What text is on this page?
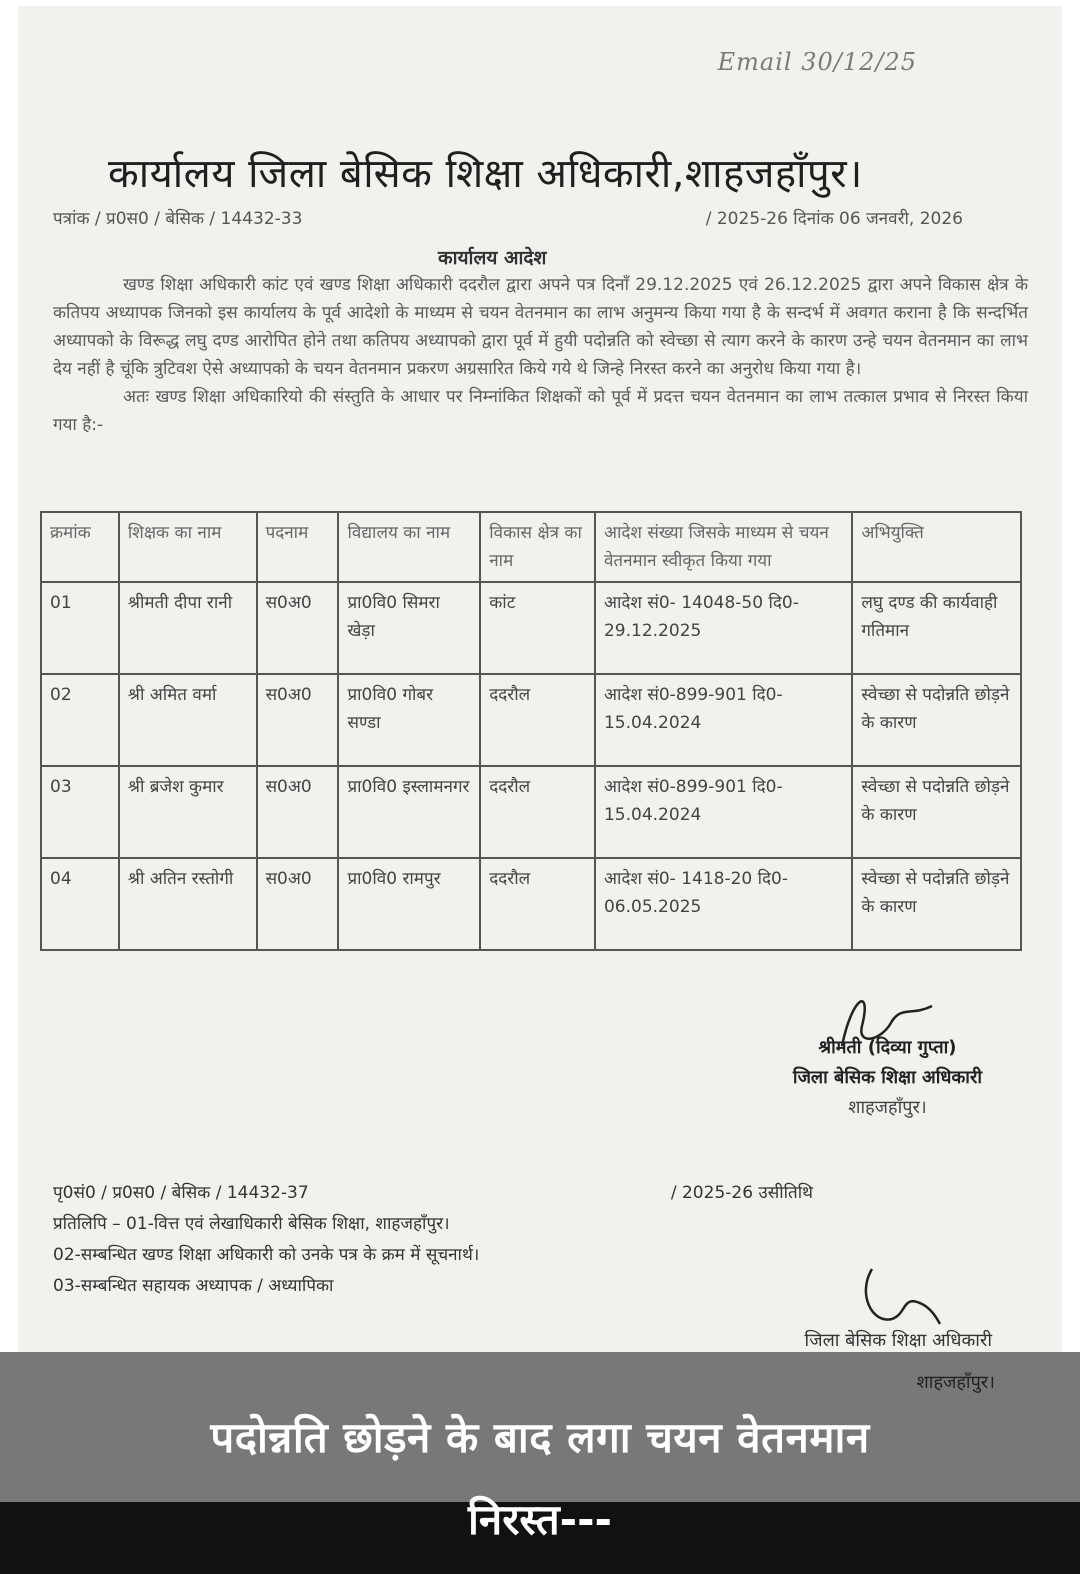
Email 30/12/25
कार्यालय जिला बेसिक शिक्षा अधिकारी,शाहजहाँपुर।
पत्रांक / प्र0स0 / बेसिक / 14432-33	/ 2025-26 दिनांक 06 जनवरी, 2026
कार्यालय आदेश

खण्ड शिक्षा अधिकारी कांट एवं खण्ड शिक्षा अधिकारी ददरौल द्वारा अपने पत्र दिनाँ 29.12.2025 एवं 26.12.2025 द्वारा अपने विकास क्षेत्र के कतिपय अध्यापक जिनको इस कार्यालय के पूर्व आदेशो के माध्यम से चयन वेतनमान का लाभ अनुमन्य किया गया है के सन्दर्भ में अवगत कराना है कि सन्दर्भित अध्यापको के विरूद्ध लघु दण्ड आरोपित होने तथा कतिपय अध्यापको द्वारा पूर्व में हुयी पदोन्नति को स्वेच्छा से त्याग करने के कारण उन्हे चयन वेतनमान का लाभ देय नहीं है चूंकि त्रुटिवश ऐसे अध्यापको के चयन वेतनमान प्रकरण अग्रसारित किये गये थे जिन्हे निरस्त करने का अनुरोध किया गया है।

अतः खण्ड शिक्षा अधिकारियो की संस्तुति के आधार पर निम्नांकित शिक्षकों को पूर्व में प्रदत्त चयन वेतनमान का लाभ तत्काल प्रभाव से निरस्त किया गया है:-

क्रमांक	शिक्षक का नाम	पदनाम	विद्यालय का नाम	विकास क्षेत्र का नाम	आदेश संख्या जिसके माध्यम से चयन वेतनमान स्वीकृत किया गया	अभियुक्ति
01	श्रीमती दीपा रानी	स0अ0	प्रा0वि0 सिमरा खेड़ा	कांट	आदेश सं0- 14048-50 दि0- 29.12.2025	लघु दण्ड की कार्यवाही गतिमान
02	श्री अमित वर्मा	स0अ0	प्रा0वि0 गोबर सण्डा	ददरौल	आदेश सं0-899-901 दि0-15.04.2024	स्वेच्छा से पदोन्नति छोड़ने के कारण
03	श्री ब्रजेश कुमार	स0अ0	प्रा0वि0 इस्लामनगर	ददरौल	आदेश सं0-899-901 दि0-15.04.2024	स्वेच्छा से पदोन्नति छोड़ने के कारण
04	श्री अतिन रस्तोगी	स0अ0	प्रा0वि0 रामपुर	ददरौल	आदेश सं0- 1418-20 दि0-06.05.2025	स्वेच्छा से पदोन्नति छोड़ने के कारण
श्रीमती (दिव्या गुप्ता)
जिला बेसिक शिक्षा अधिकारी
शाहजहाँपुर।
पृ0सं0 / प्र0स0 / बेसिक / 14432-37	/ 2025-26 उसीतिथि
प्रतिलिपि – 01-वित्त एवं लेखाधिकारी बेसिक शिक्षा, शाहजहाँपुर।
02-सम्बन्धित खण्ड शिक्षा अधिकारी को उनके पत्र के क्रम में सूचनार्थ।
03-सम्बन्धित सहायक अध्यापक / अध्यापिका
जिला बेसिक शिक्षा अधिकारी
शाहजहाँपुर।
पदोन्नति छोड़ने के बाद लगा चयन वेतनमान
निरस्त---
